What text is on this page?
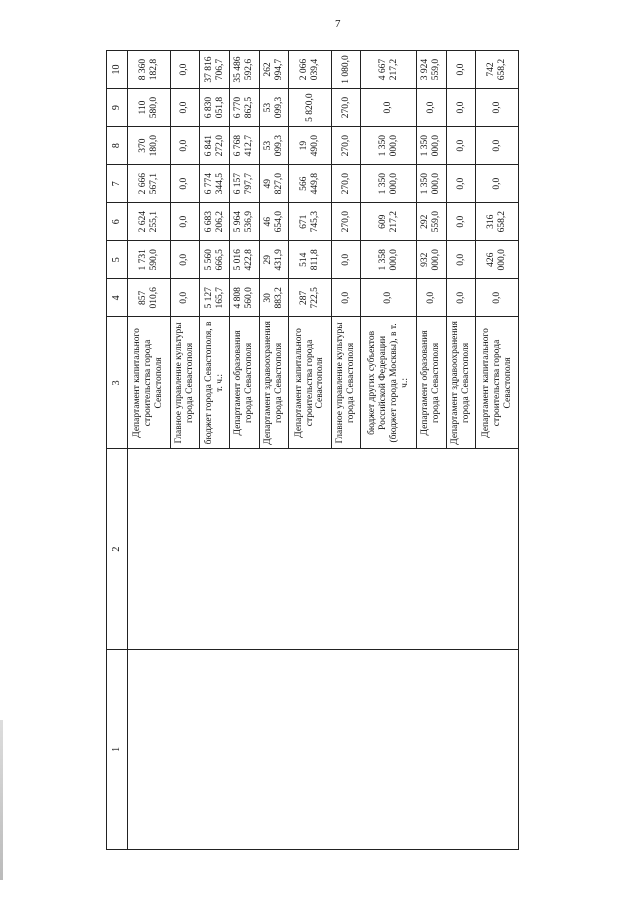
7
1	2	3	4	5	6	7	8	9	10
		Департамент капитального строительства города Севастополя	857 010,6	1 731 590,0	2 624 255,1	2 666 567,1	370 180,0	110 580,0	8 360 182,8
		Главное управление культуры города Севастополя	0,0	0,0	0,0	0,0	0,0	0,0	0,0
		бюджет города Севастополя, в т. ч.:	5 127 165,7	5 560 666,5	6 683 206,2	6 774 344,5	6 841 272,0	6 830 051,8	37 816 706,7
		Департамент образования города Севастополя	4 808 560,0	5 016 422,8	5 964 536,9	6 157 797,7	6 768 412,7	6 770 862,5	35 486 592,6
		Департамент здравоохранения города Севастополя	30 883,2	29 431,9	46 654,0	49 827,0	53 099,3	53 099,3	262 994,7
		Департамент капитального строительства города Севастополя	287 722,5	514 811,8	671 745,3	566 449,8	19 490,0	5 820,0	2 066 039,4
		Главное управление культуры города Севастополя	0,0	0,0	270,0	270,0	270,0	270,0	1 080,0
		бюджет других субъектов Российской Федерации (бюджет города Москвы), в т. ч.:	0,0	1 358 000,0	609 217,2	1 350 000,0	1 350 000,0	0,0	4 667 217,2
		Департамент образования города Севастополя	0,0	932 000,0	292 559,0	1 350 000,0	1 350 000,0	0,0	3 924 559,0
		Департамент здравоохранения города Севастополя	0,0	0,0	0,0	0,0	0,0	0,0	0,0
		Департамент капитального строительства города Севастополя	0,0	426 000,0	316 658,2	0,0	0,0	0,0	742 658,2
